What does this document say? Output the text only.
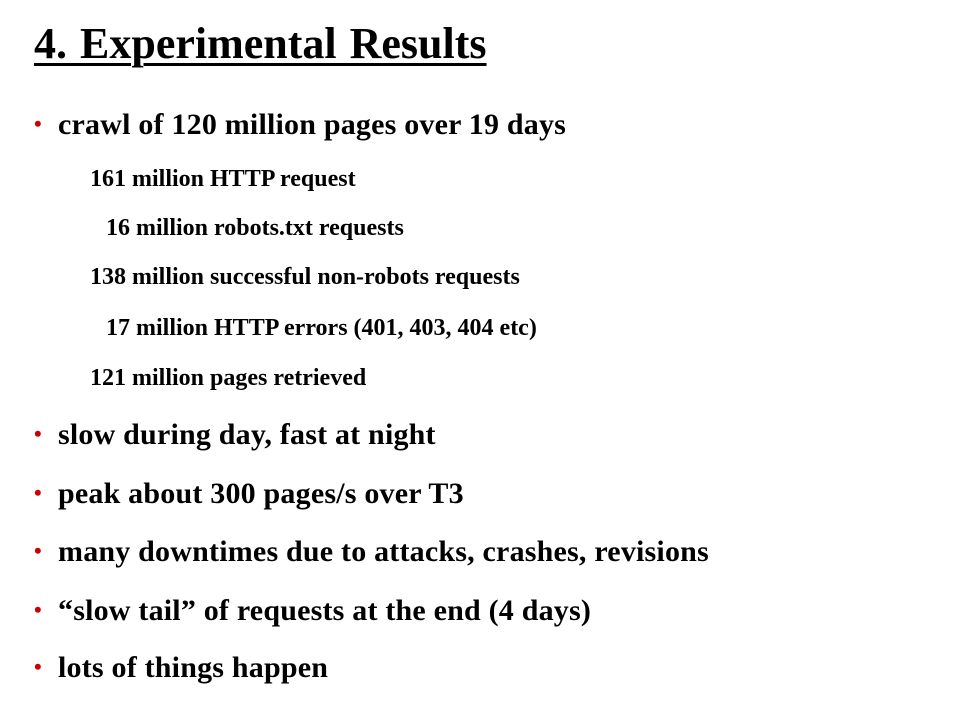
4. Experimental Results
• crawl of 120 million pages over 19 days
161 million HTTP request
16 million robots.txt requests
138 million successful non-robots requests
17 million HTTP errors (401, 403, 404 etc)
121 million pages retrieved
• slow during day, fast at night
• peak about 300 pages/s over T3
• many downtimes due to attacks, crashes, revisions
• “slow tail” of requests at the end (4 days)
• lots of things happen
